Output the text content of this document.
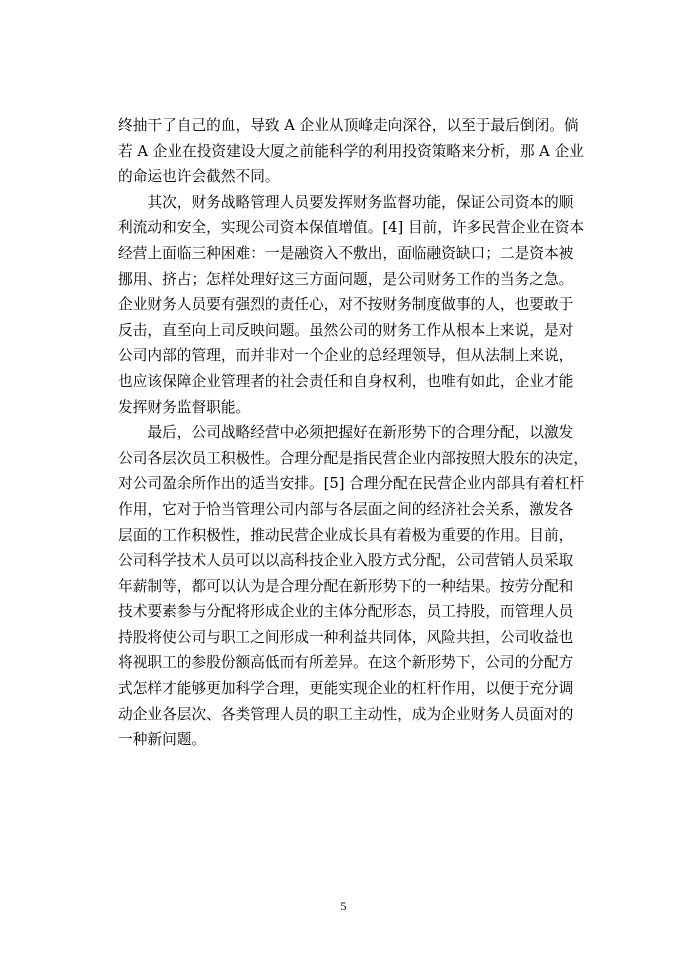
终抽干了自己的血，导致 A 企业从顶峰走向深谷，以至于最后倒闭。倘
若 A 企业在投资建设大厦之前能科学的利用投资策略来分析，那 A 企业
的命运也许会截然不同。
　　其次，财务战略管理人员要发挥财务监督功能，保证公司资本的顺
利流动和安全，实现公司资本保值增值。[4] 目前，许多民营企业在资本
经营上面临三种困难：一是融资入不敷出，面临融资缺口；二是资本被
挪用、挤占；怎样处理好这三方面问题，是公司财务工作的当务之急。
企业财务人员要有强烈的责任心，对不按财务制度做事的人，也要敢于
反击，直至向上司反映问题。虽然公司的财务工作从根本上来说，是对
公司内部的管理，而并非对一个企业的总经理领导，但从法制上来说，
也应该保障企业管理者的社会责任和自身权利，也唯有如此，企业才能
发挥财务监督职能。
　　最后，公司战略经营中必须把握好在新形势下的合理分配，以激发
公司各层次员工积极性。合理分配是指民营企业内部按照大股东的决定，
对公司盈余所作出的适当安排。[5] 合理分配在民营企业内部具有着杠杆
作用，它对于恰当管理公司内部与各层面之间的经济社会关系，激发各
层面的工作积极性，推动民营企业成长具有着极为重要的作用。目前，
公司科学技术人员可以以高科技企业入股方式分配，公司营销人员采取
年薪制等，都可以认为是合理分配在新形势下的一种结果。按劳分配和
技术要素参与分配将形成企业的主体分配形态，员工持股，而管理人员
持股将使公司与职工之间形成一种利益共同体，风险共担，公司收益也
将视职工的参股份额高低而有所差异。在这个新形势下，公司的分配方
式怎样才能够更加科学合理，更能实现企业的杠杆作用，以便于充分调
动企业各层次、各类管理人员的职工主动性，成为企业财务人员面对的
一种新问题。
5
